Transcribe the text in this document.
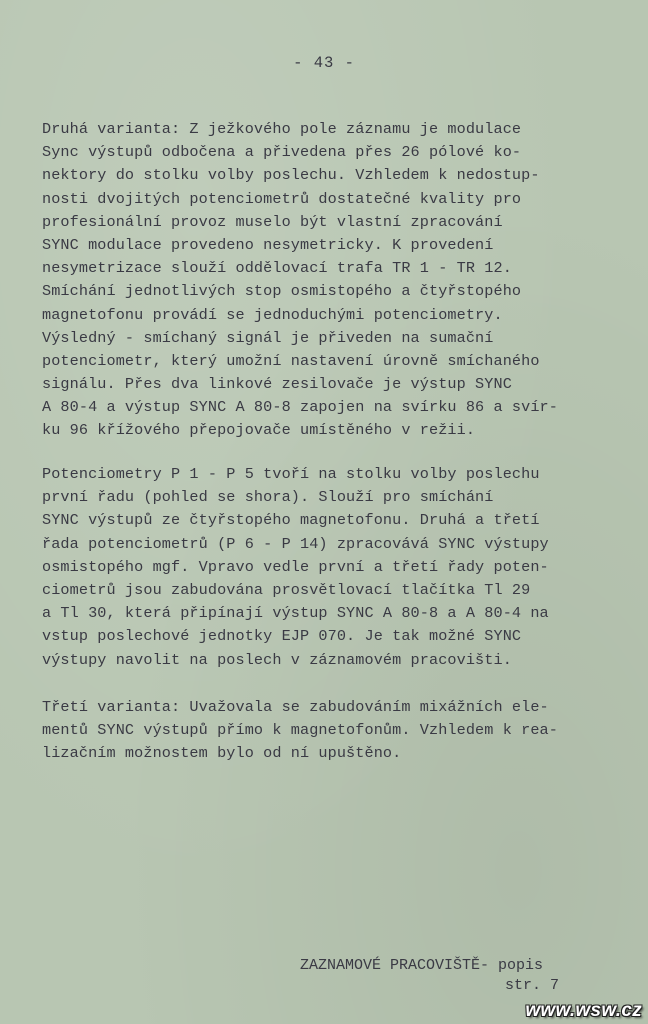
- 43 -
Druhá varianta: Z ježkového pole záznamu je modulace
Sync výstupů odbočena a přivedena přes 26 pólové ko-
nektory do stolku volby poslechu. Vzhledem k nedostup-
nosti dvojitých potenciometrů dostatečné kvality pro
profesionální provoz muselo být vlastní zpracování
SYNC modulace provedeno nesymetricky. K provedení
nesymetrizace slouží oddělovací trafa TR 1 - TR 12.
Smíchání jednotlivých stop osmistopého a čtyřstopého
magnetofonu provádí se jednoduchými potenciometry.
Výsledný - smíchaný signál je přiveden na sumační
potenciometr, který umožní nastavení úrovně smíchaného
signálu. Přes dva linkové zesilovače je výstup SYNC
A 80-4 a výstup SYNC A 80-8 zapojen na svírku 86 a svír-
ku 96 křížového přepojovače umístěného v režii.
Potenciometry P 1 - P 5 tvoří na stolku volby poslechu
první řadu (pohled se shora). Slouží pro smíchání
SYNC výstupů ze čtyřstopého magnetofonu. Druhá a třetí
řada potenciometrů (P 6 - P 14) zpracovává SYNC výstupy
osmistopého mgf. Vpravo vedle první a třetí řady poten-
ciometrů jsou zabudována prosvětlovací tlačítka Tl 29
a Tl 30, která připínají výstup SYNC A 80-8 a A 80-4 na
vstup poslechové jednotky EJP 070. Je tak možné SYNC
výstupy navolit na poslech v záznamovém pracovišti.
Třetí varianta: Uvažovala se zabudováním mixážních ele-
mentů SYNC výstupů přímo k magnetofonům. Vzhledem k rea-
lizačním možnostem bylo od ní upuštěno.
ZAZNAMOVÉ PRACOVIŠTĚ- popis
str. 7
www.wsw.cz
